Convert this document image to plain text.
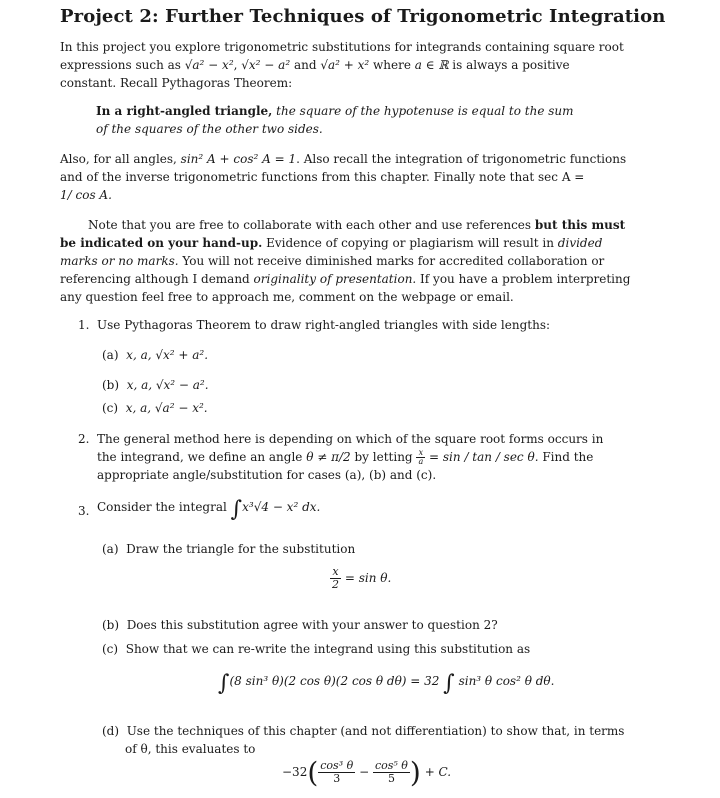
Project 2: Further Techniques of Trigonometric Integration
In this project you explore trigonometric substitutions for integrands containing square root
expressions such as √a² − x², √x² − a² and √a² + x² where a ∈ ℝ is always a positive
constant. Recall Pythagoras Theorem:
In a right-angled triangle, the square of the hypotenuse is equal to the sum
of the squares of the other two sides.
Also, for all angles, sin² A + cos² A = 1. Also recall the integration of trigonometric functions
and of the inverse trigonometric functions from this chapter. Finally note that sec A =
1/ cos A.
Note that you are free to collaborate with each other and use references but this must
be indicated on your hand-up. Evidence of copying or plagiarism will result in divided
marks or no marks. You will not receive diminished marks for accredited collaboration or
referencing although I demand originality of presentation. If you have a problem interpreting
any question feel free to approach me, comment on the webpage or email.
1. Use Pythagoras Theorem to draw right-angled triangles with side lengths:
(a) x, a, √x² + a².
(b) x, a, √x² − a².
(c) x, a, √a² − x².
2. The general method here is depending on which of the square root forms occurs in
the integrand, we define an angle θ ≠ π/2 by letting $\frac{x}{a} = \sin / \tan / \sec \theta$. Find the
appropriate angle/substitution for cases (a), (b) and (c).
3. Consider the integral ∫x³√4 − x² dx.
(a) Draw the triangle for the substitution
$\frac{x}{2} = \sin \theta$.
(b) Does this substitution agree with your answer to question 2?
(c) Show that we can re-write the integrand using this substitution as
∫(8 sin³ θ)(2 cos θ)(2 cos θ dθ) = 32 ∫ sin³ θ cos² θ dθ.
(d) Use the techniques of this chapter (and not differentiation) to show that, in terms
of θ, this evaluates to
$-32( \frac{\text{cos³ θ}}{3} - \frac{\text{cos⁵ θ}}{5}$ ) + C.
